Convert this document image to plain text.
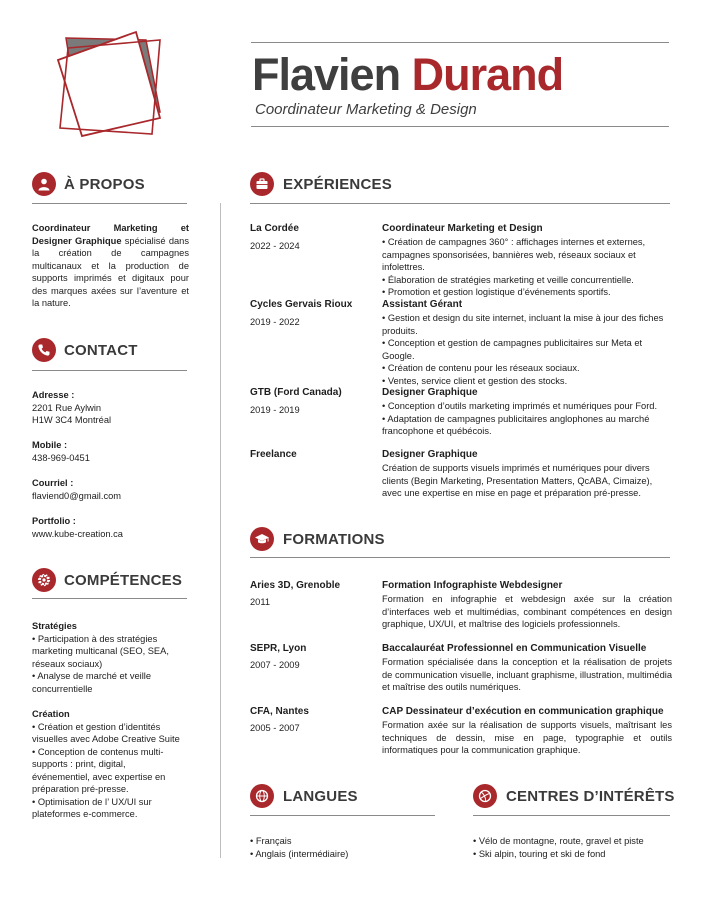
Flavien Durand
Coordinateur Marketing & Design
À PROPOS
Coordinateur Marketing et Designer Graphique spécialisé dans la création de campagnes multicanaux et la production de supports imprimés et digitaux pour des marques axées sur l’aventure et la nature.
CONTACT
Adresse :
2201 Rue Aylwin
H1W 3C4 Montréal
Mobile :
438-969-0451
Courriel :
flaviend0@gmail.com
Portfolio :
www.kube-creation.ca
COMPÉTENCES
Stratégies
• Participation à des stratégies marketing multicanal (SEO, SEA, réseaux sociaux)
• Analyse de marché et veille concurrentielle
Création
• Création et gestion d’identités visuelles avec Adobe Creative Suite
• Conception de contenus multi-supports : print, digital, événementiel, avec expertise en préparation pré-presse.
• Optimisation de l’ UX/UI sur plateformes e-commerce.
EXPÉRIENCES
La Cordée
2022 - 2024
Coordinateur Marketing et Design
• Création de campagnes 360° : affichages internes et externes, campagnes sponsorisées, bannières web, réseaux sociaux et infolettres.
• Élaboration de stratégies marketing et veille concurrentielle.
• Promotion et gestion logistique d’événements sportifs.
Cycles Gervais Rioux
2019 - 2022
Assistant Gérant
• Gestion et design du site internet, incluant la mise à jour des fiches produits.
• Conception et gestion de campagnes publicitaires sur Meta et Google.
• Création de contenu pour les réseaux sociaux.
• Ventes, service client et gestion des stocks.
GTB (Ford Canada)
2019 - 2019
Designer Graphique
• Conception d’outils marketing imprimés et numériques pour Ford.
• Adaptation de campagnes publicitaires anglophones au marché francophone et québécois.
Freelance	Designer Graphique
Création de supports visuels imprimés et numériques pour divers clients (Begin Marketing, Presentation Matters, QcABA, Cimaize), avec une expertise en mise en page et préparation pré-presse.
FORMATIONS
Aries 3D, Grenoble
2011
Formation Infographiste Webdesigner
Formation en infographie et webdesign axée sur la création d’interfaces web et multimédias, combinant compétences en design graphique, UX/UI, et maîtrise des logiciels professionnels.
SEPR, Lyon
2007 - 2009
Baccalauréat Professionnel en Communication Visuelle
Formation spécialisée dans la conception et la réalisation de projets de communication visuelle, incluant graphisme, illustration, multimédia et maîtrise des outils numériques.
CFA, Nantes
2005 - 2007
CAP Dessinateur d’exécution en communication graphique
Formation axée sur la réalisation de supports visuels, maîtrisant les techniques de dessin, mise en page, typographie et outils informatiques pour la communication graphique.
LANGUES
• Français
• Anglais (intermédiaire)
CENTRES D’INTÉRÊTS
• Vélo de montagne, route, gravel et piste
• Ski alpin, touring et ski de fond
